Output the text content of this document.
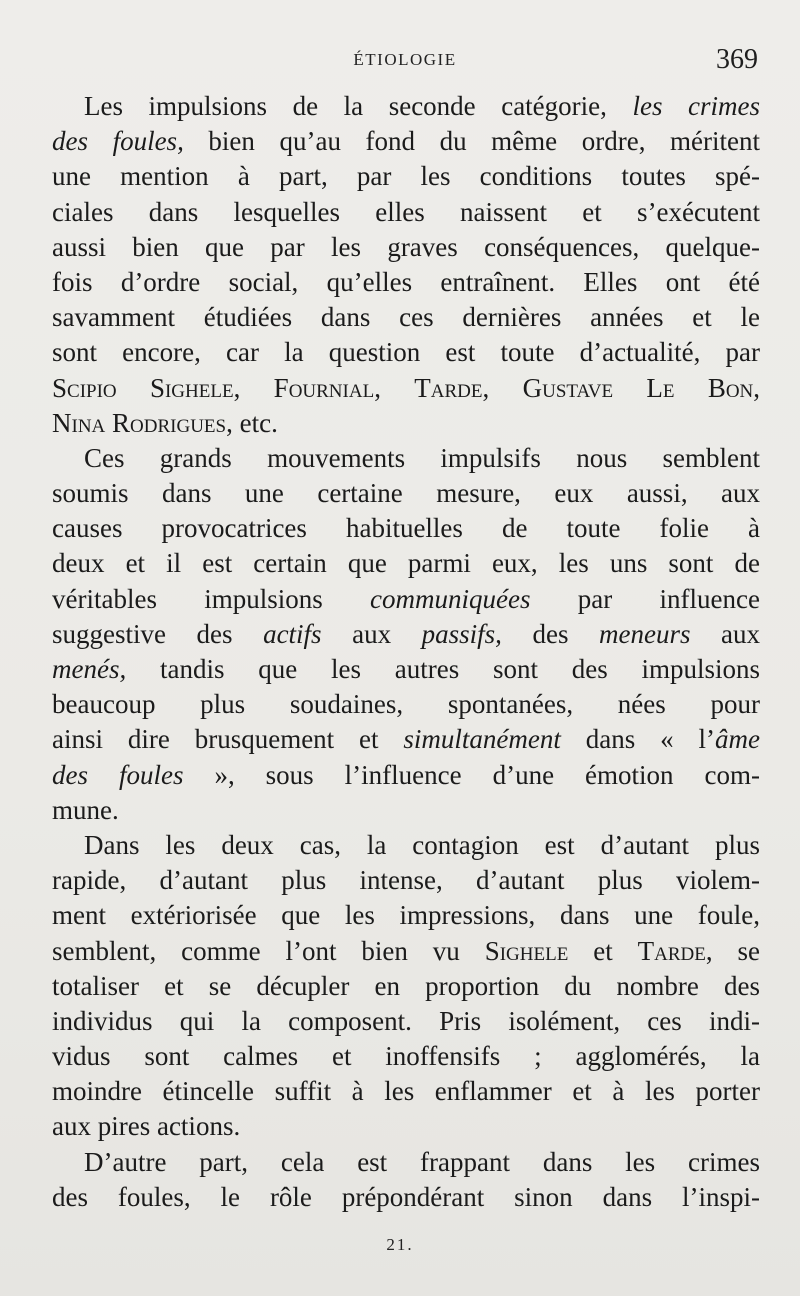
ÉTIOLOGIE	369
Les impulsions de la seconde catégorie, les crimes
des foules, bien qu’au fond du même ordre, méritent
une mention à part, par les conditions toutes spé-
ciales dans lesquelles elles naissent et s’exécutent
aussi bien que par les graves conséquences, quelque-
fois d’ordre social, qu’elles entraînent. Elles ont été
savamment étudiées dans ces dernières années et le
sont encore, car la question est toute d’actualité, par
Scipio Sighele, Fournial, Tarde, Gustave Le Bon,
Nina Rodrigues, etc.
Ces grands mouvements impulsifs nous semblent
soumis dans une certaine mesure, eux aussi, aux
causes provocatrices habituelles de toute folie à
deux et il est certain que parmi eux, les uns sont de
véritables impulsions communiquées par influence
suggestive des actifs aux passifs, des meneurs aux
menés, tandis que les autres sont des impulsions
beaucoup plus soudaines, spontanées, nées pour
ainsi dire brusquement et simultanément dans « l’âme
des foules », sous l’influence d’une émotion com-
mune.
Dans les deux cas, la contagion est d’autant plus
rapide, d’autant plus intense, d’autant plus violem-
ment extériorisée que les impressions, dans une foule,
semblent, comme l’ont bien vu Sighele et Tarde, se
totaliser et se décupler en proportion du nombre des
individus qui la composent. Pris isolément, ces indi-
vidus sont calmes et inoffensifs ; agglomérés, la
moindre étincelle suffit à les enflammer et à les porter
aux pires actions.
D’autre part, cela est frappant dans les crimes
des foules, le rôle prépondérant sinon dans l’inspi-
21.
